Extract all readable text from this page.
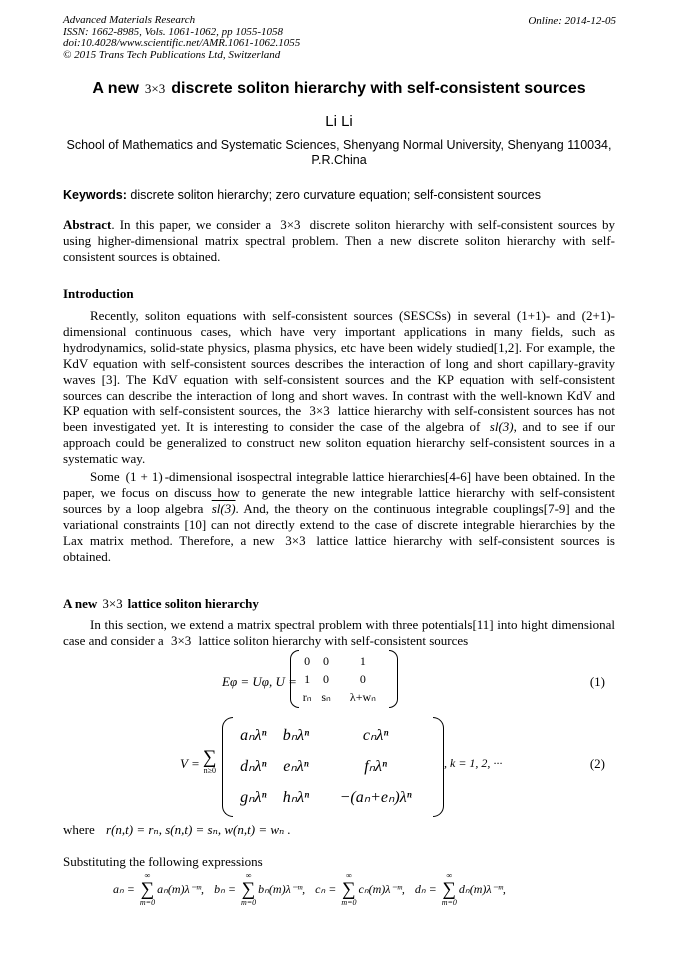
Advanced Materials Research
ISSN: 1662-8985, Vols. 1061-1062, pp 1055-1058
doi:10.4028/www.scientific.net/AMR.1061-1062.1055
© 2015 Trans Tech Publications Ltd, Switzerland
Online: 2014-12-05
A new 3×3 discrete soliton hierarchy with self-consistent sources
Li Li
School of Mathematics and Systematic Sciences, Shenyang Normal University, Shenyang 110034, P.R.China
Keywords: discrete soliton hierarchy; zero curvature equation; self-consistent sources
Abstract. In this paper, we consider a 3×3 discrete soliton hierarchy with self-consistent sources by using higher-dimensional matrix spectral problem. Then a new discrete soliton hierarchy with self-consistent sources is obtained.
Introduction
Recently, soliton equations with self-consistent sources (SESCSs) in several (1+1)- and (2+1)-dimensional continuous cases, which have very important applications in many fields, such as hydrodynamics, solid-state physics, plasma physics, etc have been widely studied[1,2]. For example, the KdV equation with self-consistent sources describes the interaction of long and short capillary-gravity waves [3]. The KdV equation with self-consistent sources and the KP equation with self-consistent sources can describe the interaction of long and short waves. In contrast with the well-known KdV and KP equation with self-consistent sources, the 3×3 lattice hierarchy with self-consistent sources has not been investigated yet. It is interesting to consider the case of the algebra of sl(3), and to see if our approach could be generalized to construct new soliton equation hierarchy self-consistent sources in a systematic way.
Some (1 + 1) -dimensional isospectral integrable lattice hierarchies[4-6] have been obtained. In the paper, we focus on discuss how to generate the new integrable lattice hierarchy with self-consistent sources by a loop algebra sl(3). And, the theory on the continuous integrable couplings[7-9] and the variational constraints [10] can not directly extend to the case of discrete integrable hierarchies by the Lax matrix method. Therefore, a new 3×3 lattice lattice hierarchy with self-consistent sources is obtained.
A new 3×3 lattice soliton hierarchy
In this section, we extend a matrix spectral problem with three potentials[11] into hight dimensional case and consider a 3×3 lattice soliton hierarchy with self-consistent sources
Eφ = Uφ, U =
0	0	1
1	0	0
rₙ	sₙ	λ+wₙ
(1)
V = ∑
n≥0
aₙλⁿ	bₙλⁿ	cₙλⁿ
dₙλⁿ	eₙλⁿ	fₙλⁿ
gₙλⁿ	hₙλⁿ	−(aₙ+eₙ)λⁿ
, k = 1, 2, ···	(2)
where r(n,t) = rₙ, s(n,t) = sₙ, w(n,t) = wₙ .
Substituting the following expressions
aₙ =
∞
∑
m=0
aₙ(m)λ⁻ᵐ, bₙ =
∞
∑
m=0
bₙ(m)λ⁻ᵐ, cₙ =
∞
∑
m=0
cₙ(m)λ⁻ᵐ, dₙ =
∞
∑
m=0
dₙ(m)λ⁻ᵐ,
